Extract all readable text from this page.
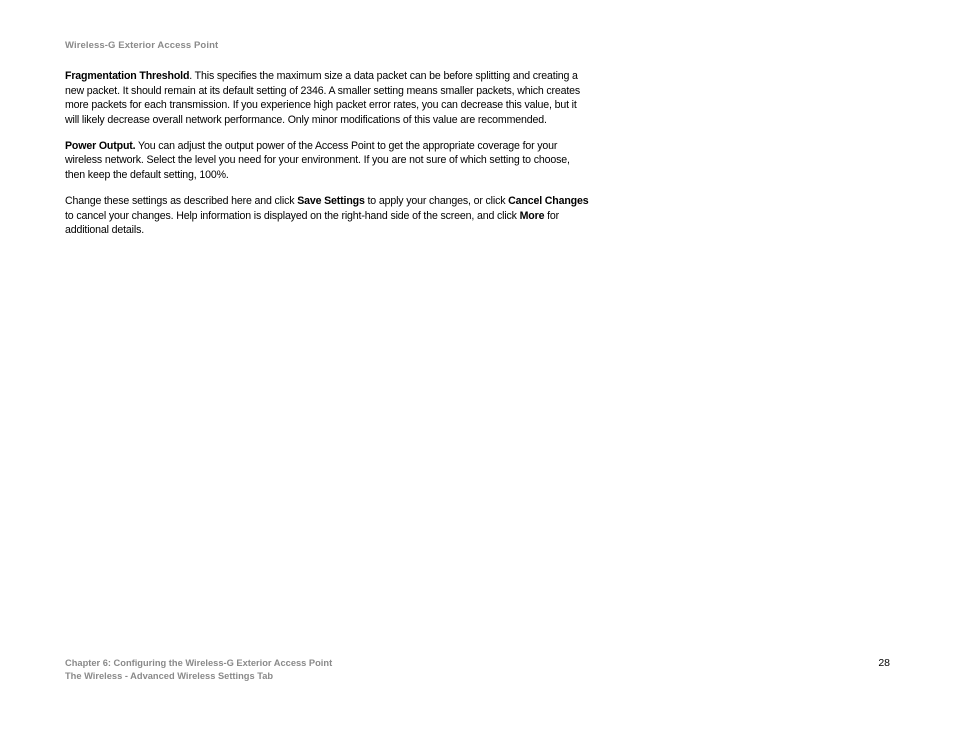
Wireless-G Exterior Access Point

Fragmentation Threshold. This specifies the maximum size a data packet can be before splitting and creating a new packet. It should remain at its default setting of 2346. A smaller setting means smaller packets, which creates more packets for each transmission. If you experience high packet error rates, you can decrease this value, but it will likely decrease overall network performance. Only minor modifications of this value are recommended.

Power Output. You can adjust the output power of the Access Point to get the appropriate coverage for your wireless network. Select the level you need for your environment. If you are not sure of which setting to choose, then keep the default setting, 100%.

Change these settings as described here and click Save Settings to apply your changes, or click Cancel Changes to cancel your changes. Help information is displayed on the right-hand side of the screen, and click More for additional details.

Chapter 6: Configuring the Wireless-G Exterior Access Point
The Wireless - Advanced Wireless Settings Tab
28
